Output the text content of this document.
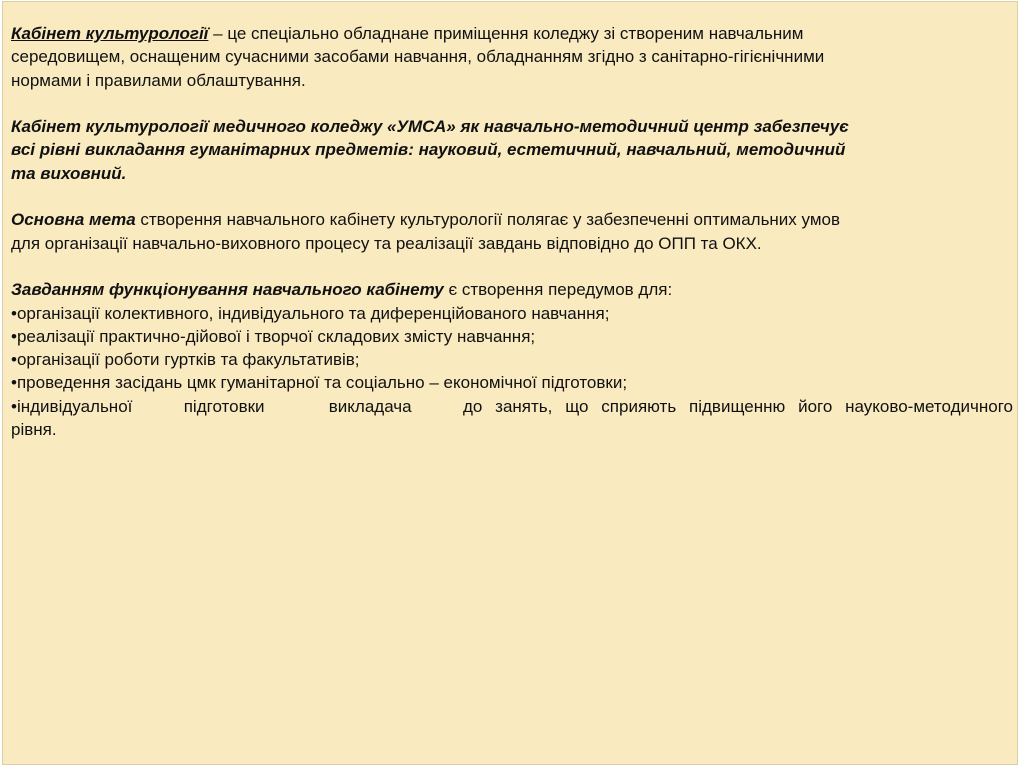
Кабінет культурології – це спеціально обладнане приміщення коледжу зі створеним навчальним
середовищем, оснащеним сучасними засобами навчання, обладнанням згідно з санітарно-гігієнічними
нормами і правилами облаштування.

Кабінет культурології медичного коледжу «УМСА» як навчально-методичний центр забезпечує
всі рівні викладання гуманітарних предметів: науковий, естетичний, навчальний, методичний
та виховний.

Основна мета створення навчального кабінету культурології полягає у забезпеченні оптимальних умов
для організації навчально-виховного процесу та реалізації завдань відповідно до ОПП та ОКХ.

Завданням функціонування навчального кабінету є створення передумов для:
•організації колективного, індивідуального та диференційованого навчання;
•реалізації практично-дійової і творчої складових змісту навчання;
•організації роботи гуртків та факультативів;
•проведення засідань цмк гуманітарної та соціально – економічної підготовки;
•індивідуальної    підготовки     викладача    до занять, що сприяють підвищенню його науково-методичного
рівня.
